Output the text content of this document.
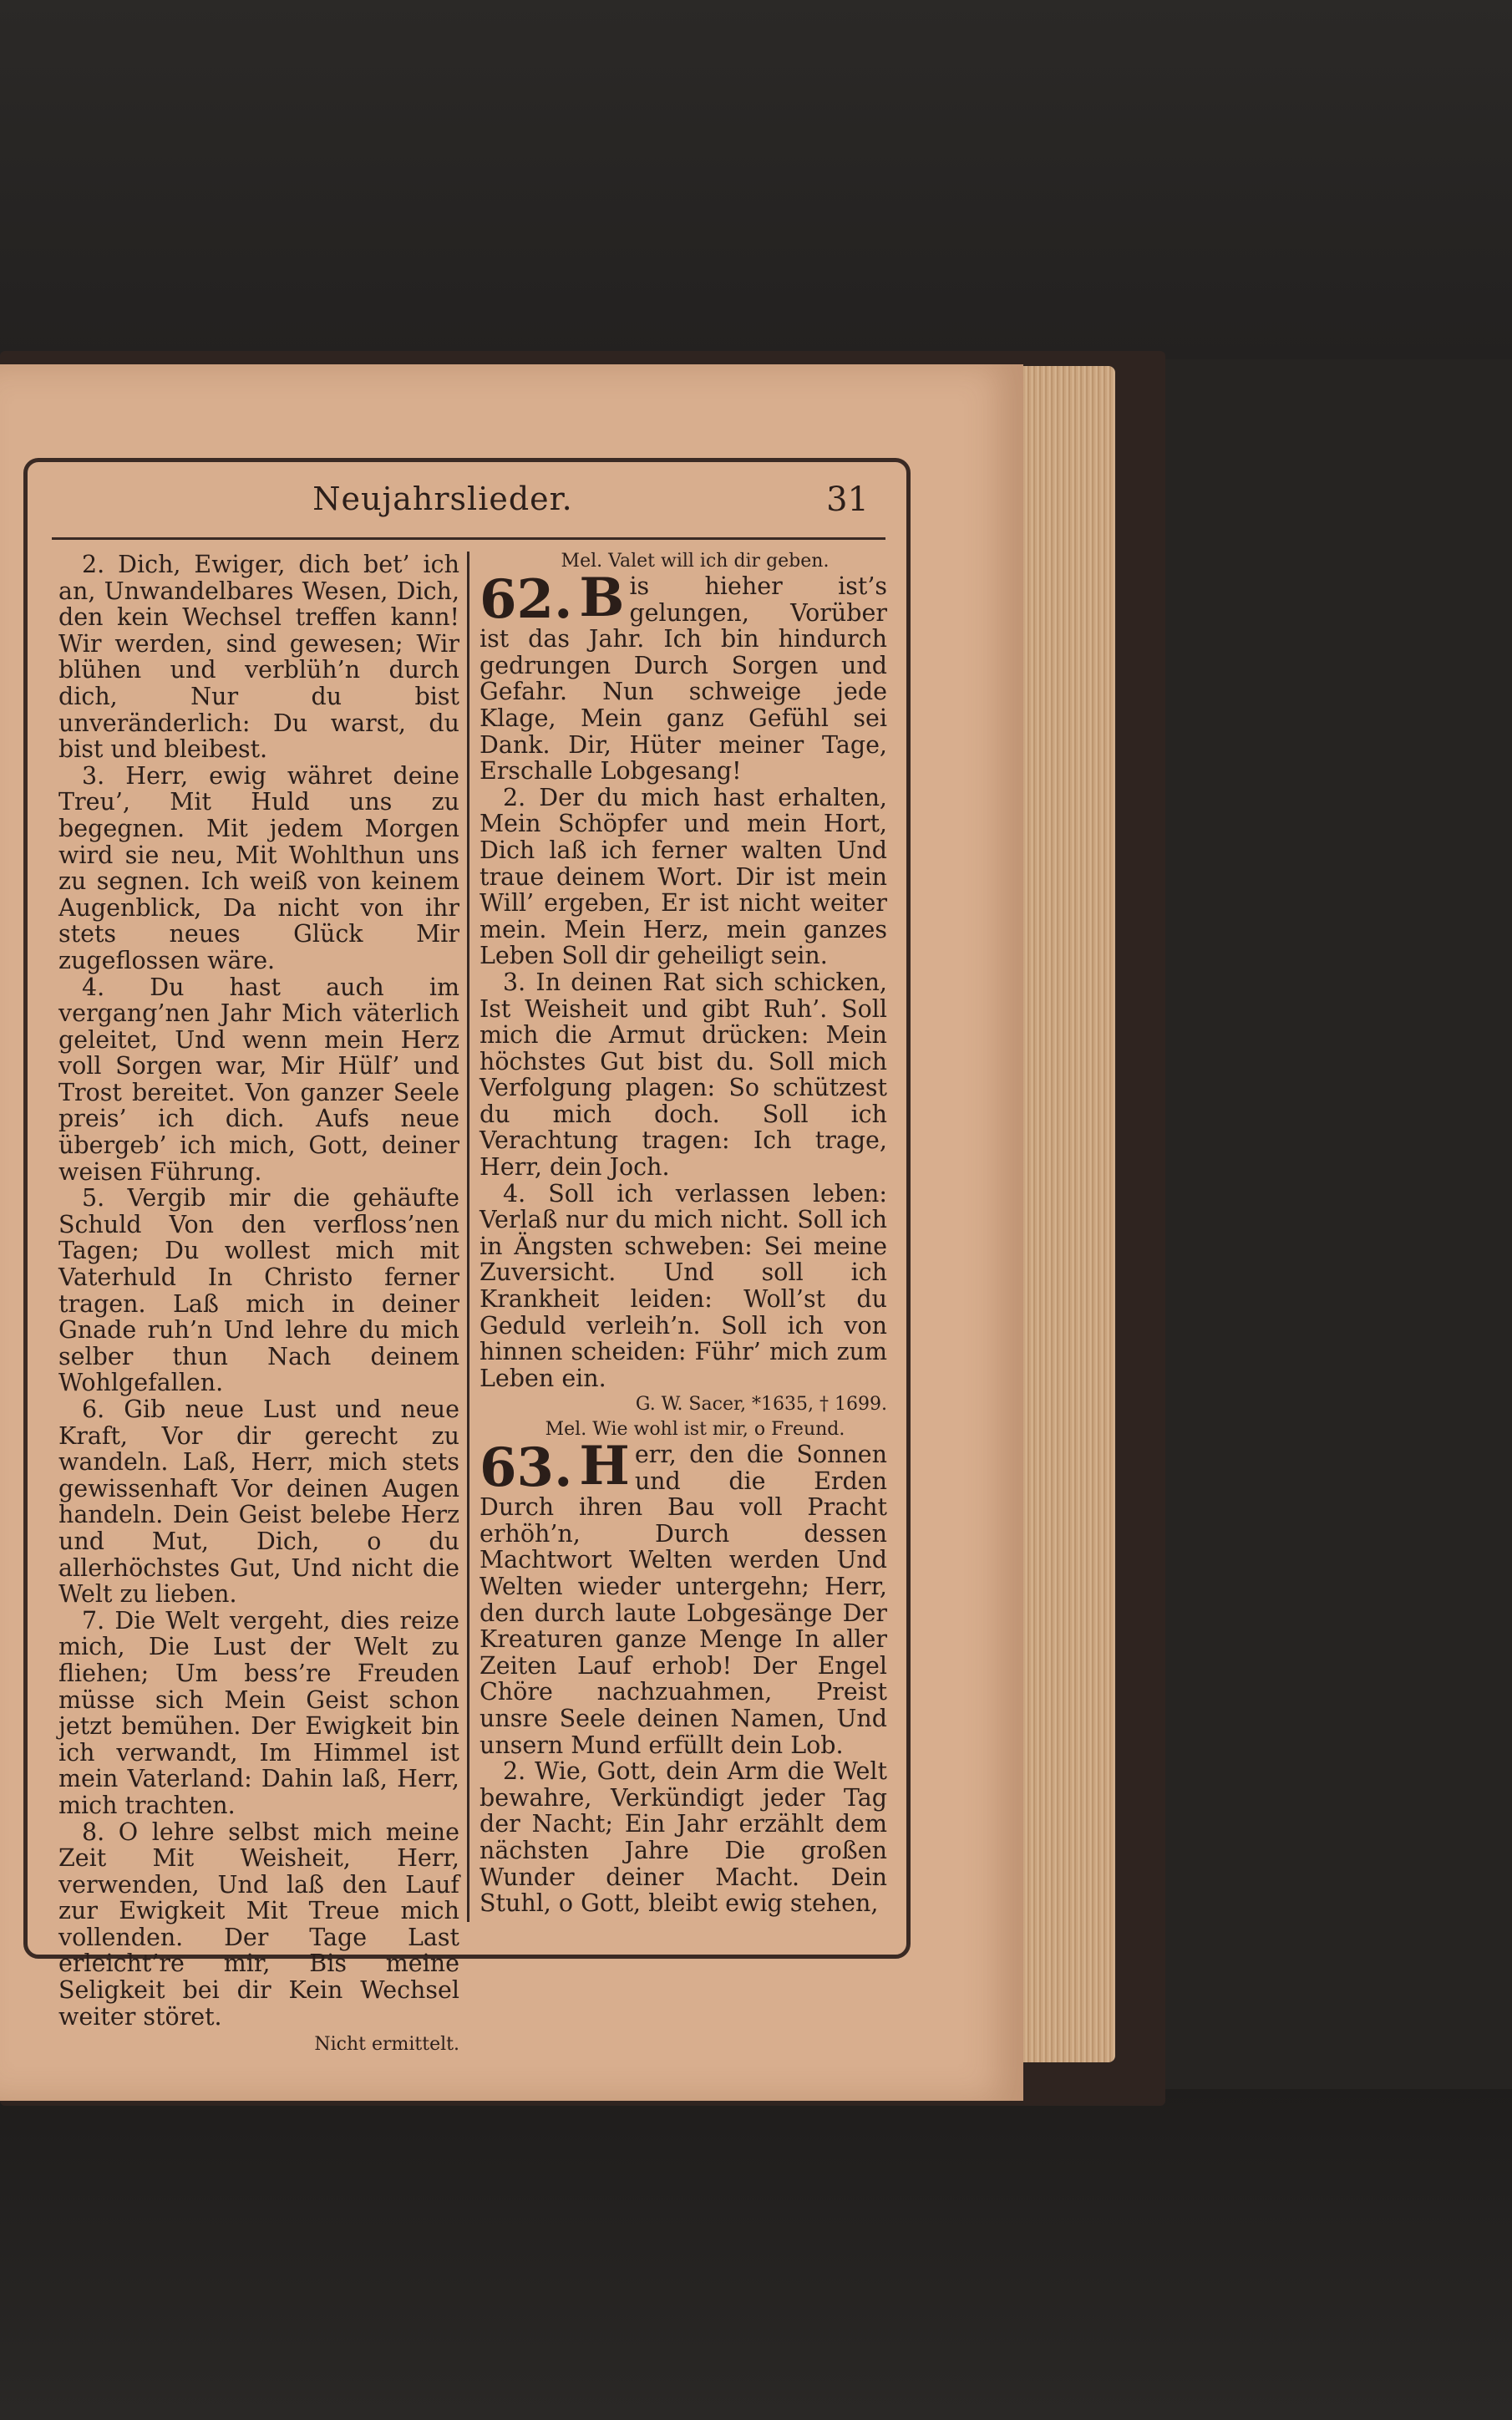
Neujahrslieder.	31

2. Dich, Ewiger, dich bet’ ich an, Unwandelbares Wesen, Dich, den kein Wechsel treffen kann! Wir werden, sind gewesen; Wir blühen und verblüh’n durch dich, Nur du bist unveränderlich: Du warst, du bist und bleibest.

3. Herr, ewig währet deine Treu’, Mit Huld uns zu begegnen. Mit jedem Morgen wird sie neu, Mit Wohlthun uns zu segnen. Ich weiß von keinem Augenblick, Da nicht von ihr stets neues Glück Mir zugeflossen wäre.

4. Du hast auch im vergang’nen Jahr Mich väterlich geleitet, Und wenn mein Herz voll Sorgen war, Mir Hülf’ und Trost bereitet. Von ganzer Seele preis’ ich dich. Aufs neue übergeb’ ich mich, Gott, deiner weisen Führung.

5. Vergib mir die gehäufte Schuld Von den verfloss’nen Tagen; Du wollest mich mit Vaterhuld In Christo ferner tragen. Laß mich in deiner Gnade ruh’n Und lehre du mich selber thun Nach deinem Wohlgefallen.

6. Gib neue Lust und neue Kraft, Vor dir gerecht zu wandeln. Laß, Herr, mich stets gewissenhaft Vor deinen Augen handeln. Dein Geist belebe Herz und Mut, Dich, o du allerhöchstes Gut, Und nicht die Welt zu lieben.

7. Die Welt vergeht, dies reize mich, Die Lust der Welt zu fliehen; Um bess’re Freuden müsse sich Mein Geist schon jetzt bemühen. Der Ewigkeit bin ich verwandt, Im Himmel ist mein Vaterland: Dahin laß, Herr, mich trachten.

8. O lehre selbst mich meine Zeit Mit Weisheit, Herr, verwenden, Und laß den Lauf zur Ewigkeit Mit Treue mich vollenden. Der Tage Last erleicht’re mir, Bis meine Seligkeit bei dir Kein Wechsel weiter störet.

Nicht ermittelt.

Mel. Valet will ich dir geben.

62. B is hieher ist’s gelungen, Vorüber ist das Jahr. Ich bin hindurch gedrungen Durch Sorgen und Gefahr. Nun schweige jede Klage, Mein ganz Gefühl sei Dank. Dir, Hüter meiner Tage, Erschalle Lobgesang!

2. Der du mich hast erhalten, Mein Schöpfer und mein Hort, Dich laß ich ferner walten Und traue deinem Wort. Dir ist mein Will’ ergeben, Er ist nicht weiter mein. Mein Herz, mein ganzes Leben Soll dir geheiligt sein.

3. In deinen Rat sich schicken, Ist Weisheit und gibt Ruh’. Soll mich die Armut drücken: Mein höchstes Gut bist du. Soll mich Verfolgung plagen: So schützest du mich doch. Soll ich Verachtung tragen: Ich trage, Herr, dein Joch.

4. Soll ich verlassen leben: Verlaß nur du mich nicht. Soll ich in Ängsten schweben: Sei meine Zuversicht. Und soll ich Krankheit leiden: Woll’st du Geduld verleih’n. Soll ich von hinnen scheiden: Führ’ mich zum Leben ein.

G. W. Sacer, *1635, † 1699.

Mel. Wie wohl ist mir, o Freund.

63. H err, den die Sonnen und die Erden Durch ihren Bau voll Pracht erhöh’n, Durch dessen Machtwort Welten werden Und Welten wieder untergehn; Herr, den durch laute Lobgesänge Der Kreaturen ganze Menge In aller Zeiten Lauf erhob! Der Engel Chöre nachzuahmen, Preist unsre Seele deinen Namen, Und unsern Mund erfüllt dein Lob.

2. Wie, Gott, dein Arm die Welt bewahre, Verkündigt jeder Tag der Nacht; Ein Jahr erzählt dem nächsten Jahre Die großen Wunder deiner Macht. Dein Stuhl, o Gott, bleibt ewig stehen,
